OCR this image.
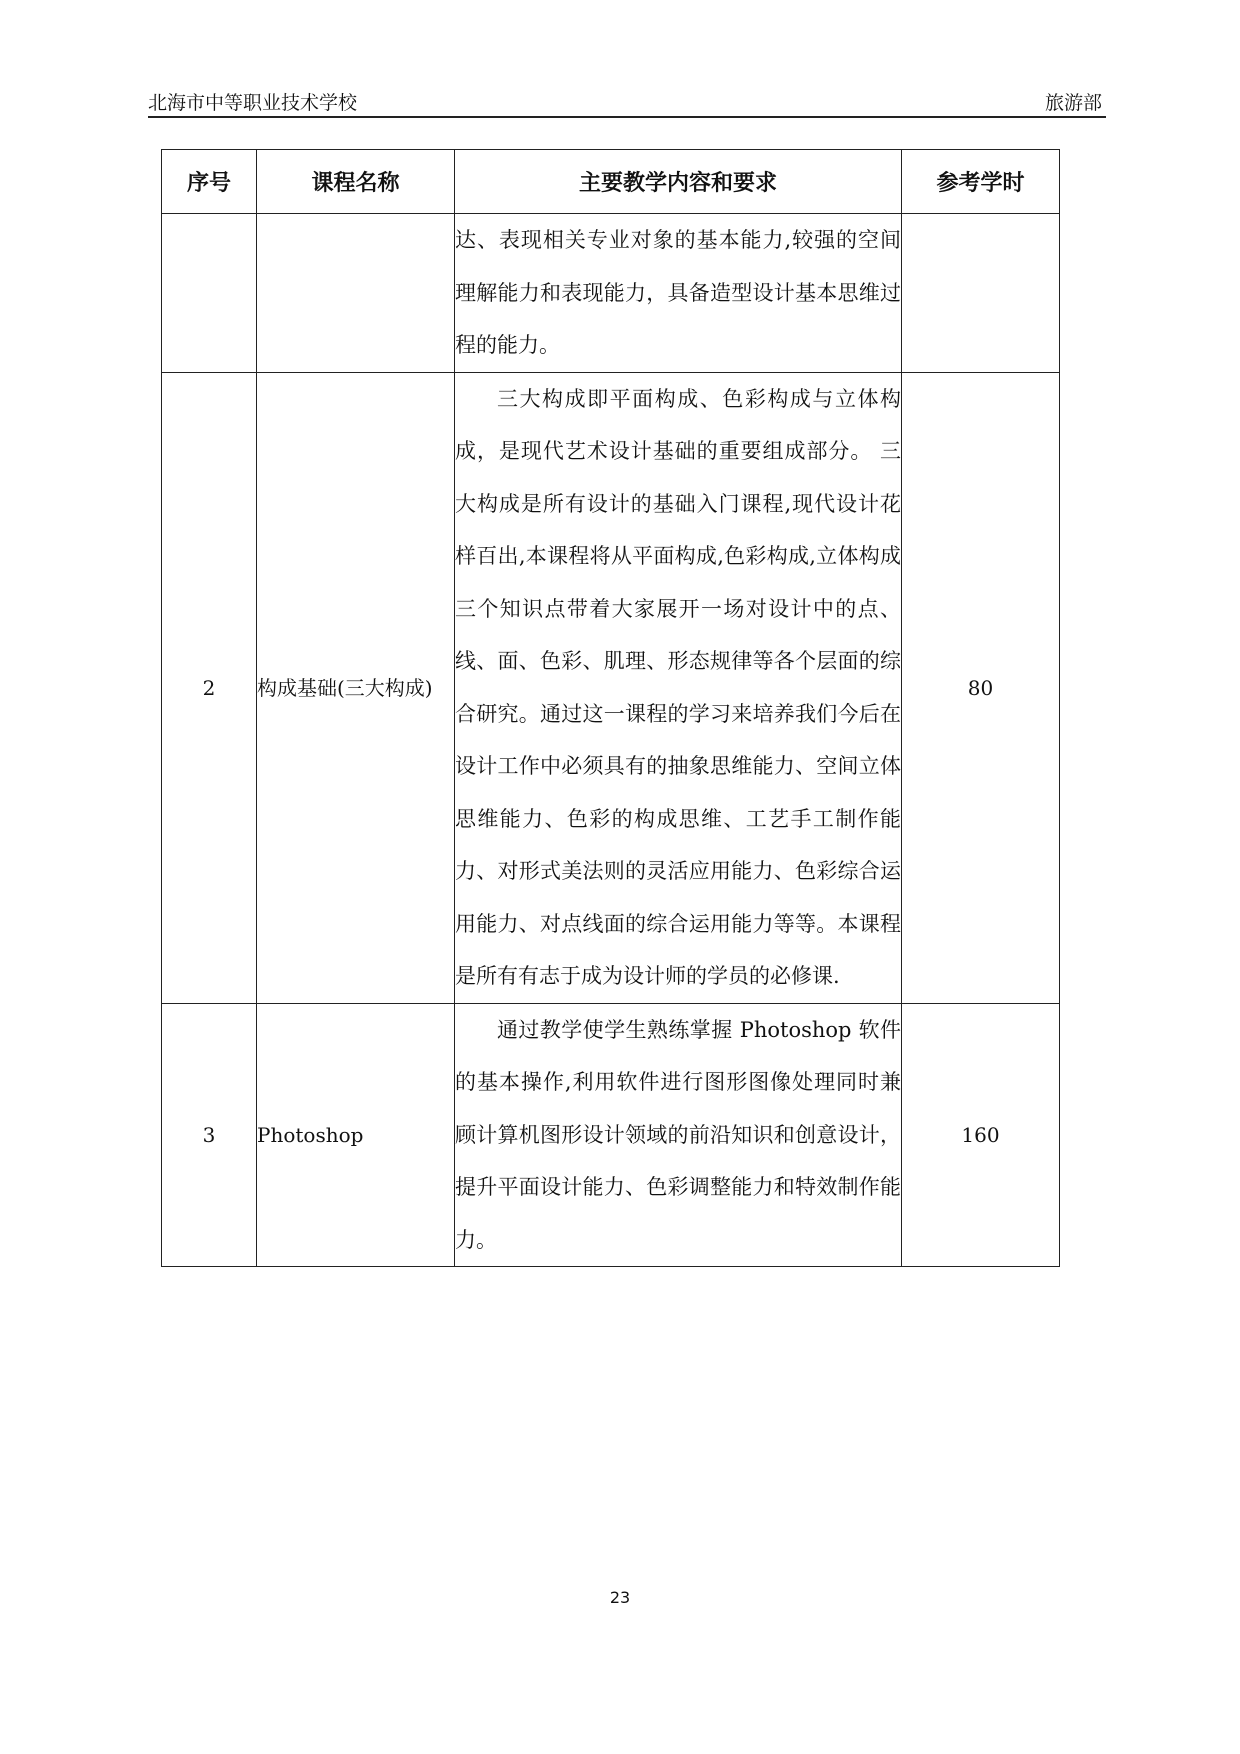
北海市中等职业技术学校	旅游部
序号	课程名称	主要教学内容和要求	参考学时
		达、表现相关专业对象的基本能力,较强的空间理解能力和表现能力，具备造型设计基本思维过程的能力。	
2	构成基础(三大构成)	三大构成即平面构成、色彩构成与立体构成，是现代艺术设计基础的重要组成部分。 三大构成是所有设计的基础入门课程,现代设计花样百出,本课程将从平面构成,色彩构成,立体构成三个知识点带着大家展开一场对设计中的点、线、面、色彩、肌理、形态规律等各个层面的综合研究。通过这一课程的学习来培养我们今后在设计工作中必须具有的抽象思维能力、空间立体思维能力、色彩的构成思维、工艺手工制作能力、对形式美法则的灵活应用能力、色彩综合运用能力、对点线面的综合运用能力等等。本课程是所有有志于成为设计师的学员的必修课.	80
3	Photoshop	通过教学使学生熟练掌握 Photoshop 软件的基本操作,利用软件进行图形图像处理同时兼顾计算机图形设计领域的前沿知识和创意设计，提升平面设计能力、色彩调整能力和特效制作能力。	160
23
